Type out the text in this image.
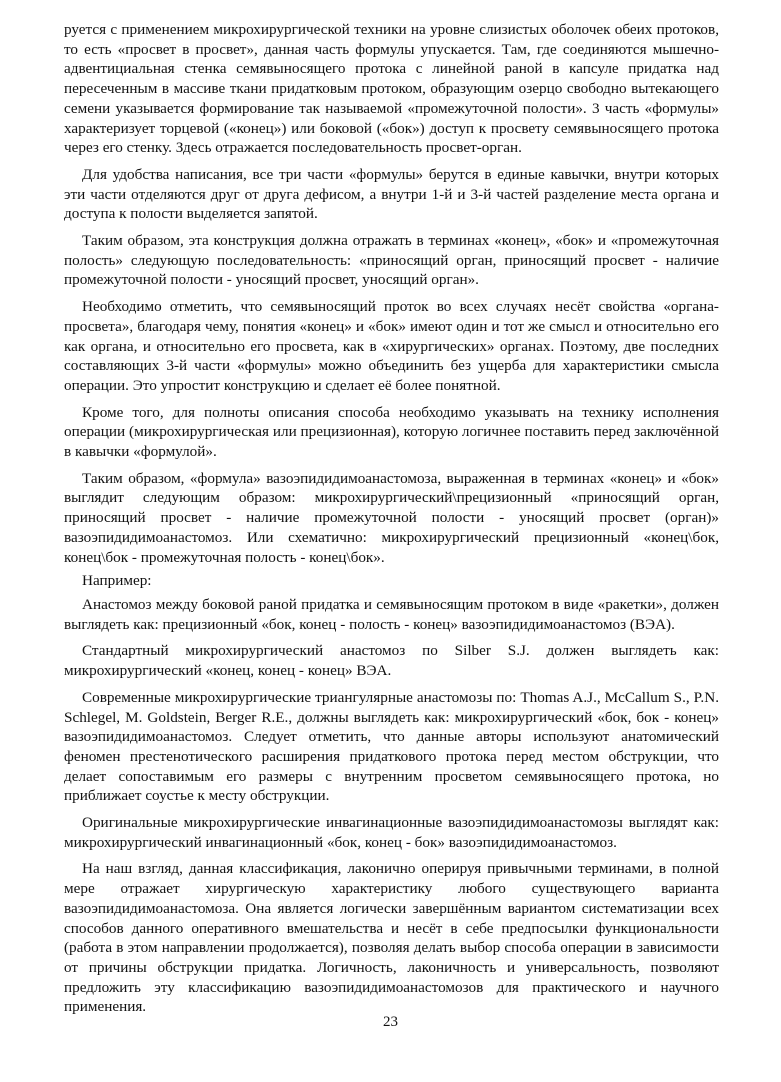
руется с применением микрохирургической техники на уровне слизистых оболочек обеих протоков, то есть «просвет в просвет», данная часть формулы упускается. Там, где соединяются мышечно-адвентициальная стенка семявыносящего протока с линейной раной в капсуле придатка над пересеченным в массиве ткани придатковым протоком, образующим озерцо свободно вытекающего семени указывается формирование так называемой «промежуточной полости». 3 часть «формулы» характеризует торцевой («конец») или боковой («бок») доступ к просвету семявыносящего протока через его стенку. Здесь отражается последовательность просвет-орган.

Для удобства написания, все три части «формулы» берутся в единые кавычки, внутри которых эти части отделяются друг от друга дефисом, а внутри 1-й и 3-й частей разделение места органа и доступа к полости выделяется запятой.

Таким образом, эта конструкция должна отражать в терминах «конец», «бок» и «промежуточная полость» следующую последовательность: «приносящий орган, приносящий просвет - наличие промежуточной полости - уносящий просвет, уносящий орган».

Необходимо отметить, что семявыносящий проток во всех случаях несёт свойства «органа-просвета», благодаря чему, понятия «конец» и «бок» имеют один и тот же смысл и относительно его как органа, и относительно его просвета, как в «хирургических» органах. Поэтому, две последних составляющих 3-й части «формулы» можно объединить без ущерба для характеристики смысла операции. Это упростит конструкцию и сделает её более понятной.

Кроме того, для полноты описания способа необходимо указывать на технику исполнения операции (микрохирургическая или прецизионная), которую логичнее поставить перед заключённой в кавычки «формулой».

Таким образом, «формула» вазоэпидидимоанастомоза, выраженная в терминах «конец» и «бок» выглядит следующим образом: микрохирургический\прецизионный «приносящий орган, приносящий просвет - наличие промежуточной полости - уносящий просвет (орган)» вазоэпидидимоанастомоз. Или схематично: микрохирургический прецизионный «конец\бок, конец\бок - промежуточная полость - конец\бок».

Например:

Анастомоз между боковой раной придатка и семявыносящим протоком в виде «ракетки», должен выглядеть как: прецизионный «бок, конец - полость - конец» вазоэпидидимоанастомоз (ВЭА).

Стандартный микрохирургический анастомоз по Silber S.J. должен выглядеть как: микрохирургический «конец, конец - конец» ВЭА.

Современные микрохирургические триангулярные анастомозы по: Thomas A.J., McCallum S., P.N. Schlegel, M. Goldstein, Berger R.E., должны выглядеть как: микрохирургический «бок, бок - конец» вазоэпидидимоанастомоз. Следует отметить, что данные авторы используют анатомический феномен престенотического расширения придаткового протока перед местом обструкции, что делает сопоставимым его размеры с внутренним просветом семявыносящего протока, но приближает соустье к месту обструкции.

Оригинальные микрохирургические инвагинационные вазоэпидидимоанастомозы выглядят как: микрохирургический инвагинационный «бок, конец - бок» вазоэпидидимоанастомоз.

На наш взгляд, данная классификация, лаконично оперируя привычными терминами, в полной мере отражает хирургическую характеристику любого существующего варианта вазоэпидидимоанастомоза. Она является логически завершённым вариантом систематизации всех способов данного оперативного вмешательства и несёт в себе предпосылки функциональности (работа в этом направлении продолжается), позволяя делать выбор способа операции в зависимости от причины обструкции придатка. Логичность, лаконичность и универсальность, позволяют предложить эту классификацию вазоэпидидимоанастомозов для практического и научного применения.

23
